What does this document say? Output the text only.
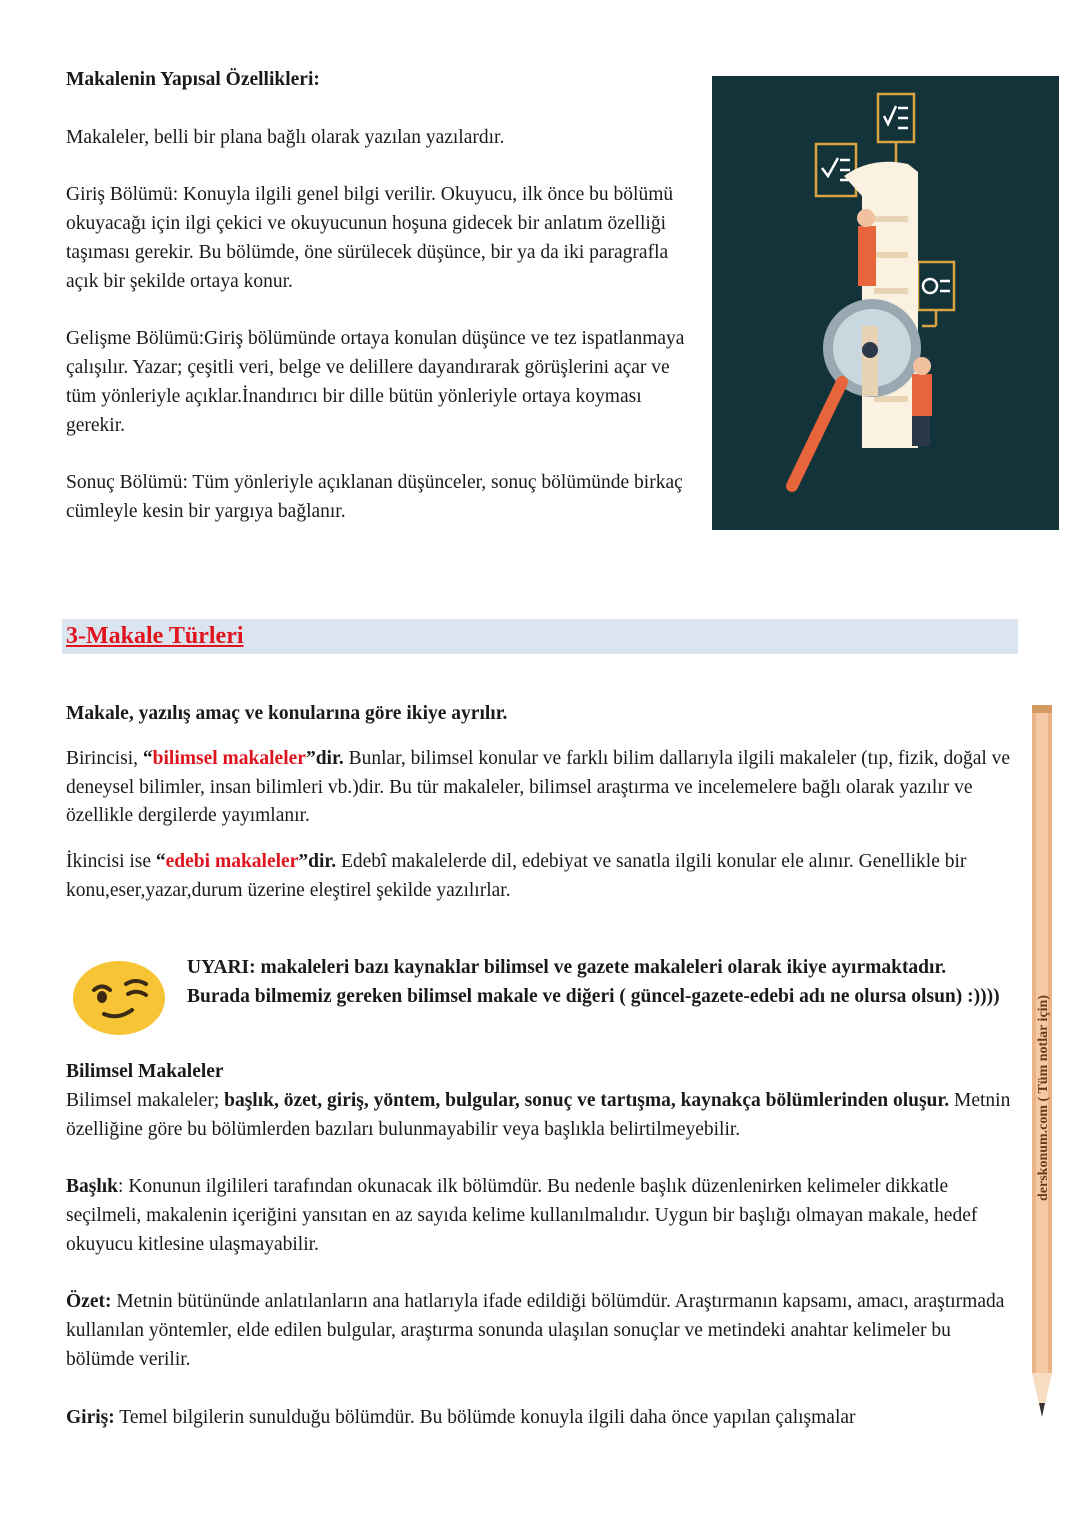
Makalenin Yapısal Özellikleri:

Makaleler, belli bir plana bağlı olarak yazılan yazılardır.

Giriş Bölümü: Konuyla ilgili genel bilgi verilir. Okuyucu, ilk önce bu bölümü okuyacağı için ilgi çekici ve okuyucunun hoşuna gidecek bir anlatım özelliği taşıması gerekir. Bu bölümde, öne sürülecek düşünce, bir ya da iki paragrafla açık bir şekilde ortaya konur.

Gelişme Bölümü:Giriş bölümünde ortaya konulan düşünce ve tez ispatlanmaya çalışılır. Yazar; çeşitli veri, belge ve delillere dayandırarak görüşlerini açar ve tüm yönleriyle açıklar.İnandırıcı bir dille bütün yönleriyle ortaya koyması gerekir.

Sonuç Bölümü: Tüm yönleriyle açıklanan düşünceler, sonuç bölümünde birkaç cümleyle kesin bir yargıya bağlanır.

3-Makale Türleri

Makale, yazılış amaç ve konularına göre ikiye ayrılır.

Birincisi, “bilimsel makaleler”dir. Bunlar, bilimsel konular ve farklı bilim dallarıyla ilgili makaleler (tıp, fizik, doğal ve deneysel bilimler, insan bilimleri vb.)dir. Bu tür makaleler, bilimsel araştırma ve incelemelere bağlı olarak yazılır ve özellikle dergilerde yayımlanır.

İkincisi ise “edebi makaleler”dir. Edebî makalelerde dil, edebiyat ve sanatla ilgili konular ele alınır. Genellikle bir konu,eser,yazar,durum üzerine eleştirel şekilde yazılırlar.

UYARI: makaleleri bazı kaynaklar bilimsel ve gazete makaleleri olarak ikiye ayırmaktadır. Burada bilmemiz gereken bilimsel makale ve diğeri ( güncel-gazete-edebi adı ne olursa olsun) :))))

Bilimsel Makaleler

Bilimsel makaleler; başlık, özet, giriş, yöntem, bulgular, sonuç ve tartışma, kaynakça bölümlerinden oluşur. Metnin özelliğine göre bu bölümlerden bazıları bulunmayabilir veya başlıkla belirtilmeyebilir.

Başlık: Konunun ilgilileri tarafından okunacak ilk bölümdür. Bu nedenle başlık düzenlenirken kelimeler dikkatle seçilmeli, makalenin içeriğini yansıtan en az sayıda kelime kullanılmalıdır. Uygun bir başlığı olmayan makale, hedef okuyucu kitlesine ulaşmayabilir.

Özet: Metnin bütününde anlatılanların ana hatlarıyla ifade edildiği bölümdür. Araştırmanın kapsamı, amacı, araştırmada kullanılan yöntemler, elde edilen bulgular, araştırma sonunda ulaşılan sonuçlar ve metindeki anahtar kelimeler bu bölümde verilir.

Giriş: Temel bilgilerin sunulduğu bölümdür. Bu bölümde konuyla ilgili daha önce yapılan çalışmalar

derskonum.com ( Tüm notlar için)
